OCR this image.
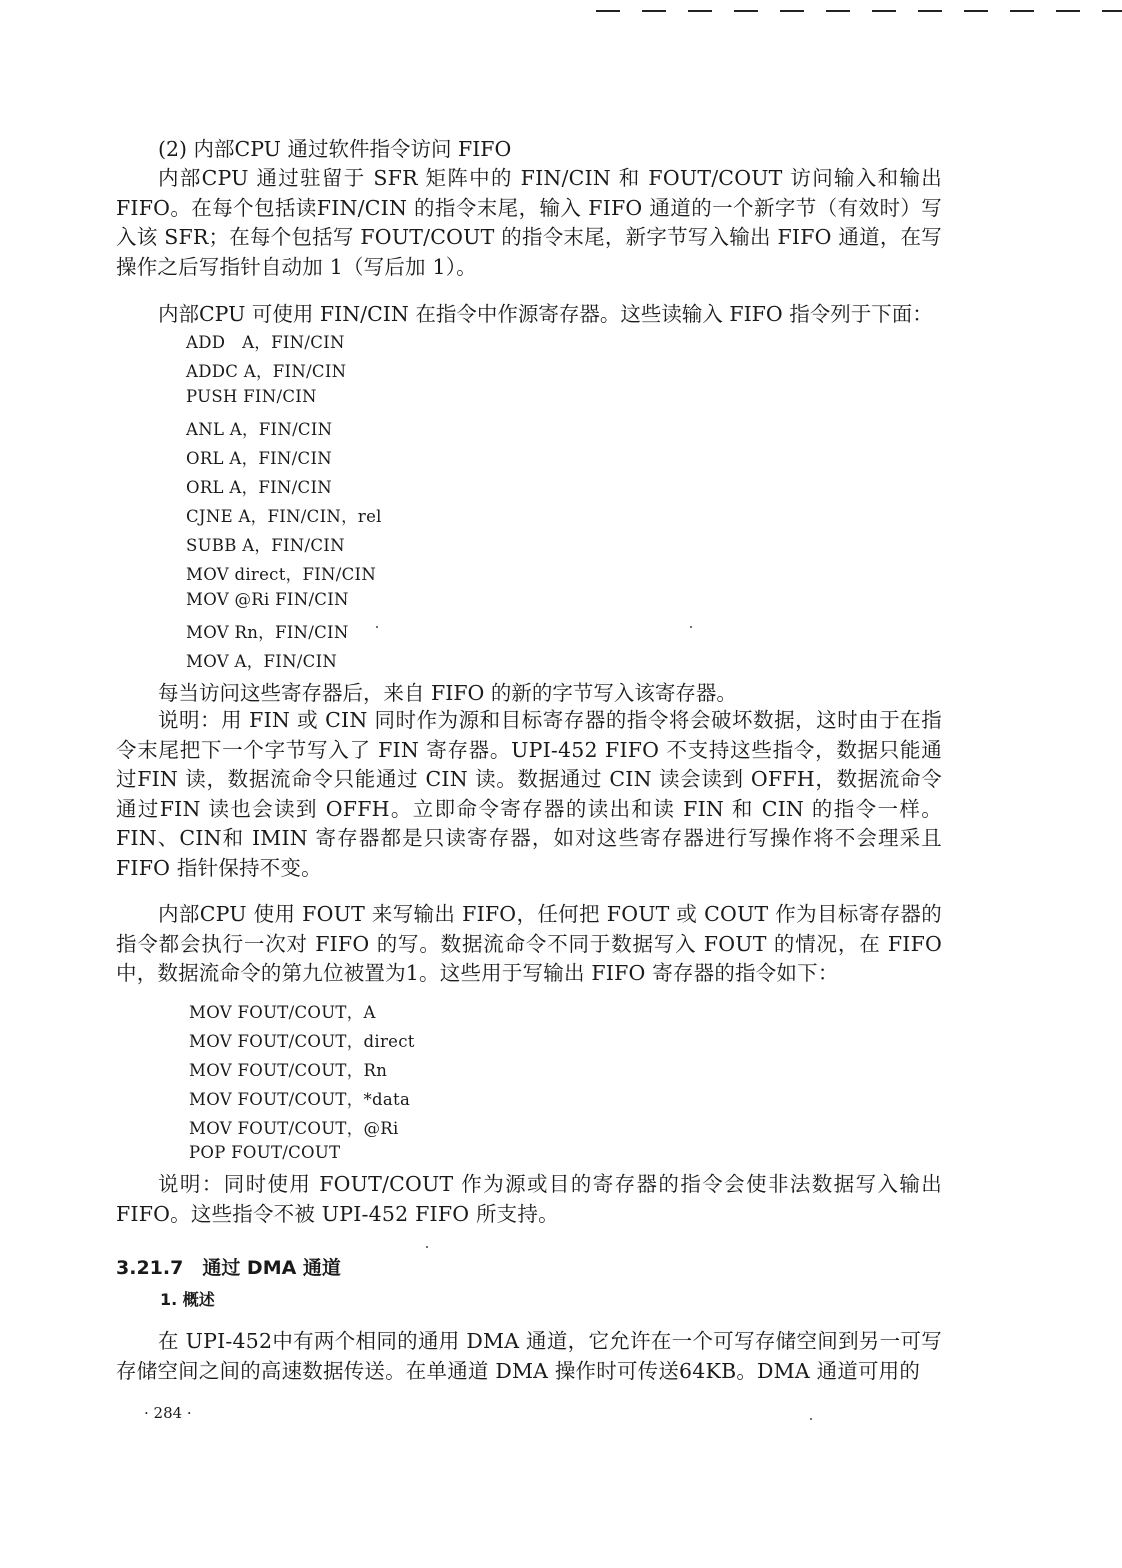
(2) 内部CPU 通过软件指令访问 FIFO
内部CPU 通过驻留于 SFR 矩阵中的 FIN/CIN 和 FOUT/COUT 访问输入和输出FIFO。在每个包括读FIN/CIN 的指令末尾，输入 FIFO 通道的一个新字节（有效时）写入该 SFR；在每个包括写 FOUT/COUT 的指令末尾，新字节写入输出 FIFO 通道，在写操作之后写指针自动加 1（写后加 1）。
内部CPU 可使用 FIN/CIN 在指令中作源寄存器。这些读输入 FIFO 指令列于下面：
ADD　A，FIN/CIN
ADDC A，FIN/CIN
PUSH FIN/CIN
ANL A，FIN/CIN
ORL A，FIN/CIN
ORL A，FIN/CIN
CJNE A，FIN/CIN，rel
SUBB A，FIN/CIN
MOV direct，FIN/CIN
MOV @Ri FIN/CIN
MOV Rn，FIN/CIN
MOV A，FIN/CIN
每当访问这些寄存器后，来自 FIFO 的新的字节写入该寄存器。
说明：用 FIN 或 CIN 同时作为源和目标寄存器的指令将会破坏数据，这时由于在指令末尾把下一个字节写入了 FIN 寄存器。UPI-452 FIFO 不支持这些指令，数据只能通过FIN 读，数据流命令只能通过 CIN 读。数据通过 CIN 读会读到 OFFH，数据流命令通过FIN 读也会读到 OFFH。立即命令寄存器的读出和读 FIN 和 CIN 的指令一样。FIN、CIN和 IMIN 寄存器都是只读寄存器，如对这些寄存器进行写操作将不会理采且 FIFO 指针保持不变。
内部CPU 使用 FOUT 来写输出 FIFO，任何把 FOUT 或 COUT 作为目标寄存器的指令都会执行一次对 FIFO 的写。数据流命令不同于数据写入 FOUT 的情况，在 FIFO中，数据流命令的第九位被置为1。这些用于写输出 FIFO 寄存器的指令如下：
MOV FOUT/COUT，A
MOV FOUT/COUT，direct
MOV FOUT/COUT，Rn
MOV FOUT/COUT，*data
MOV FOUT/COUT，@Ri
POP FOUT/COUT
说明：同时使用 FOUT/COUT 作为源或目的寄存器的指令会使非法数据写入输出FIFO。这些指令不被 UPI-452 FIFO 所支持。
3.21.7　通过 DMA 通道
1. 概述
在 UPI-452中有两个相同的通用 DMA 通道，它允许在一个可写存储空间到另一可写存储空间之间的高速数据传送。在单通道 DMA 操作时可传送64KB。DMA 通道可用的
· 284 ·
